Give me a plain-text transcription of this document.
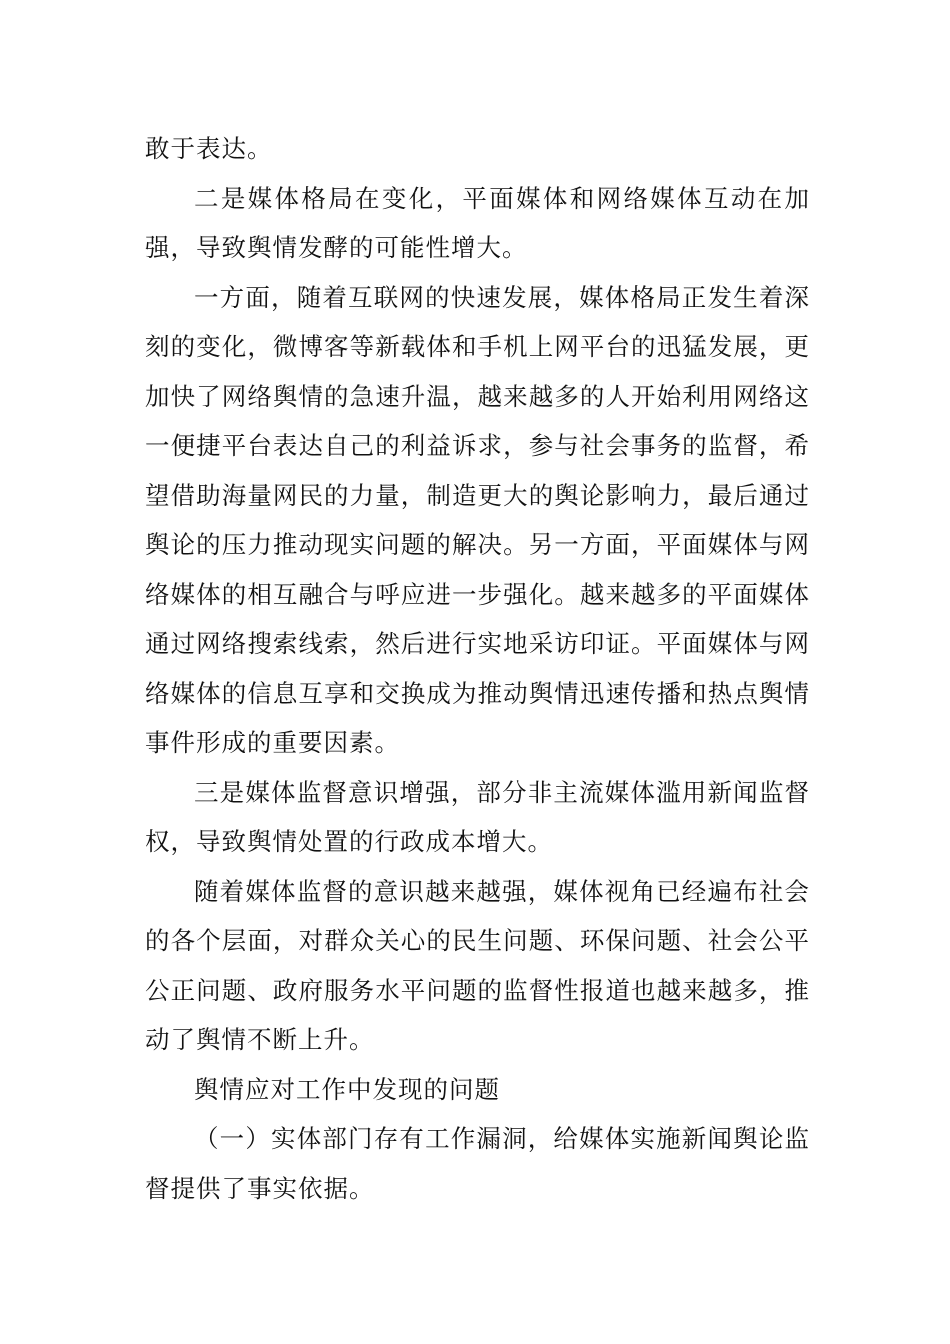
敢于表达。

二是媒体格局在变化，平面媒体和网络媒体互动在加强，导致舆情发酵的可能性增大。

一方面，随着互联网的快速发展，媒体格局正发生着深刻的变化，微博客等新载体和手机上网平台的迅猛发展，更加快了网络舆情的急速升温，越来越多的人开始利用网络这一便捷平台表达自己的利益诉求，参与社会事务的监督，希望借助海量网民的力量，制造更大的舆论影响力，最后通过舆论的压力推动现实问题的解决。另一方面，平面媒体与网络媒体的相互融合与呼应进一步强化。越来越多的平面媒体通过网络搜索线索，然后进行实地采访印证。平面媒体与网络媒体的信息互享和交换成为推动舆情迅速传播和热点舆情事件形成的重要因素。

三是媒体监督意识增强，部分非主流媒体滥用新闻监督权，导致舆情处置的行政成本增大。

随着媒体监督的意识越来越强，媒体视角已经遍布社会的各个层面，对群众关心的民生问题、环保问题、社会公平公正问题、政府服务水平问题的监督性报道也越来越多，推动了舆情不断上升。

舆情应对工作中发现的问题

（一）实体部门存有工作漏洞，给媒体实施新闻舆论监督提供了事实依据。
